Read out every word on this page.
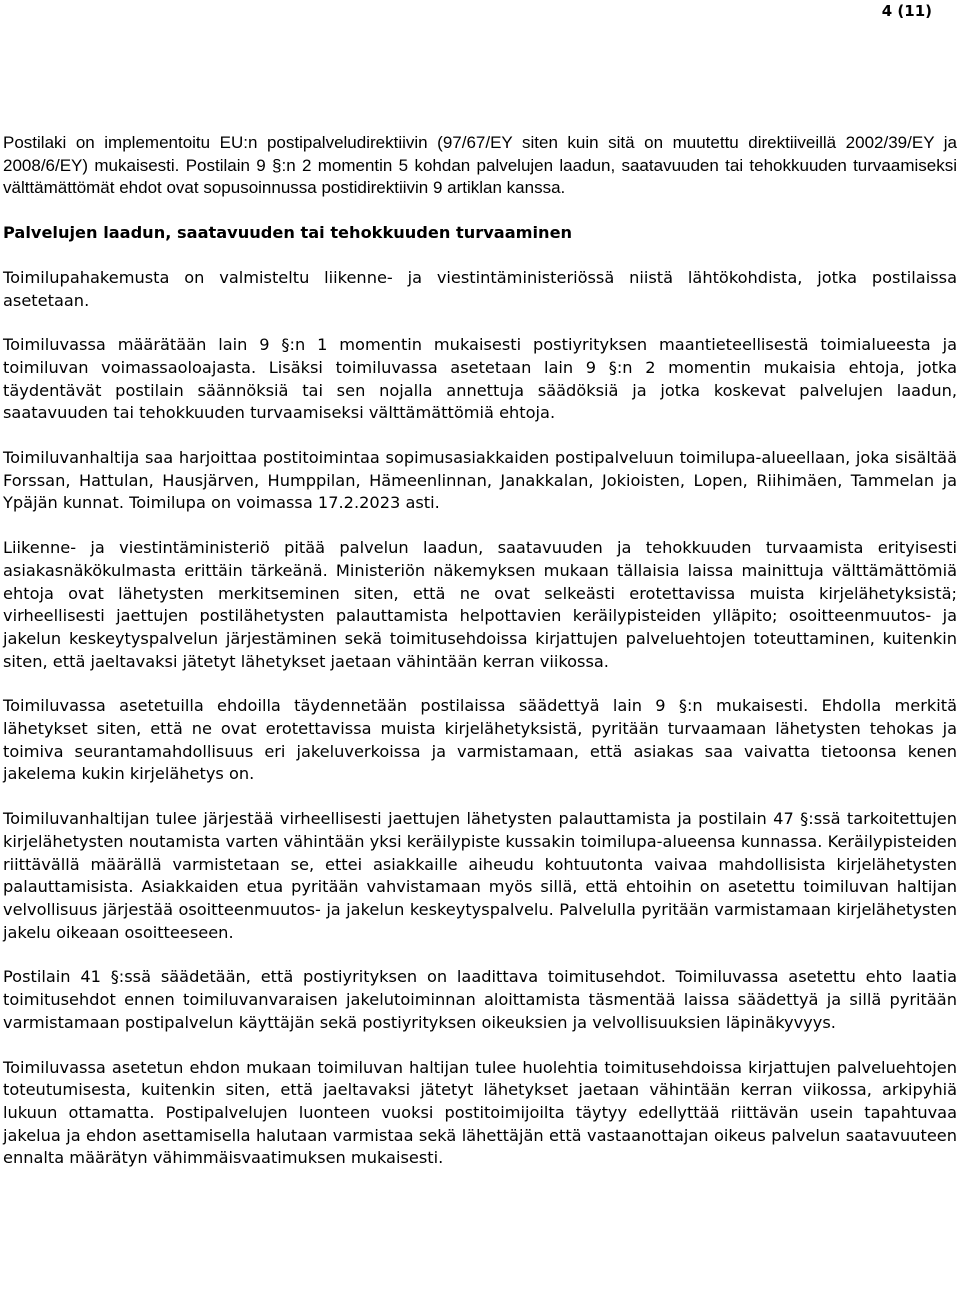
4 (11)

Postilaki on implementoitu EU:n postipalveludirektiivin (97/67/EY siten kuin sitä on muutettu direktiiveillä 2002/39/EY ja 2008/6/EY) mukaisesti. Postilain 9 §:n 2 momentin 5 kohdan palvelujen laadun, saatavuuden tai tehokkuuden turvaamiseksi välttämättömät ehdot ovat sopusoinnussa postidirektiivin 9 artiklan kanssa.

Palvelujen laadun, saatavuuden tai tehokkuuden turvaaminen

Toimilupahakemusta on valmisteltu liikenne- ja viestintäministeriössä niistä lähtökohdista, jotka postilaissa asetetaan.

Toimiluvassa määrätään lain 9 §:n 1 momentin mukaisesti postiyrityksen maantieteellisestä toimialueesta ja toimiluvan voimassaoloajasta. Lisäksi toimiluvassa asetetaan lain 9 §:n 2 momentin mukaisia ehtoja, jotka täydentävät postilain säännöksiä tai sen nojalla annettuja säädöksiä ja jotka koskevat palvelujen laadun, saatavuuden tai tehokkuuden turvaamiseksi välttämättömiä ehtoja.

Toimiluvanhaltija saa harjoittaa postitoimintaa sopimusasiakkaiden postipalveluun toimilupa-alueellaan, joka sisältää Forssan, Hattulan, Hausjärven, Humppilan, Hämeenlinnan, Janakkalan, Jokioisten, Lopen, Riihimäen, Tammelan ja Ypäjän kunnat. Toimilupa on voimassa 17.2.2023 asti.

Liikenne- ja viestintäministeriö pitää palvelun laadun, saatavuuden ja tehokkuuden turvaamista erityisesti asiakasnäkökulmasta erittäin tärkeänä. Ministeriön näkemyksen mukaan tällaisia laissa mainittuja välttämättömiä ehtoja ovat lähetysten merkitseminen siten, että ne ovat selkeästi erotettavissa muista kirjelähetyksistä; virheellisesti jaettujen postilähetysten palauttamista helpottavien keräilypisteiden ylläpito; osoitteenmuutos- ja jakelun keskeytyspalvelun järjestäminen sekä toimitusehdoissa kirjattujen palveluehtojen toteuttaminen, kuitenkin siten, että jaeltavaksi jätetyt lähetykset jaetaan vähintään kerran viikossa.

Toimiluvassa asetetuilla ehdoilla täydennetään postilaissa säädettyä lain 9 §:n mukaisesti. Ehdolla merkitä lähetykset siten, että ne ovat erotettavissa muista kirjelähetyksistä, pyritään turvaamaan lähetysten tehokas ja toimiva seurantamahdollisuus eri jakeluverkoissa ja varmistamaan, että asiakas saa vaivatta tietoonsa kenen jakelema kukin kirjelähetys on.

Toimiluvanhaltijan tulee järjestää virheellisesti jaettujen lähetysten palauttamista ja postilain 47 §:ssä tarkoitettujen kirjelähetysten noutamista varten vähintään yksi keräilypiste kussakin toimilupa-alueensa kunnassa. Keräilypisteiden riittävällä määrällä varmistetaan se, ettei asiakkaille aiheudu kohtuutonta vaivaa mahdollisista kirjelähetysten palauttamisista. Asiakkaiden etua pyritään vahvistamaan myös sillä, että ehtoihin on asetettu toimiluvan haltijan velvollisuus järjestää osoitteenmuutos- ja jakelun keskeytyspalvelu. Palvelulla pyritään varmistamaan kirjelähetysten jakelu oikeaan osoitteeseen.

Postilain 41 §:ssä säädetään, että postiyrityksen on laadittava toimitusehdot. Toimiluvassa asetettu ehto laatia toimitusehdot ennen toimiluvanvaraisen jakelutoiminnan aloittamista täsmentää laissa säädettyä ja sillä pyritään varmistamaan postipalvelun käyttäjän sekä postiyrityksen oikeuksien ja velvollisuuksien läpinäkyvyys.

Toimiluvassa asetetun ehdon mukaan toimiluvan haltijan tulee huolehtia toimitusehdoissa kirjattujen palveluehtojen toteutumisesta, kuitenkin siten, että jaeltavaksi jätetyt lähetykset jaetaan vähintään kerran viikossa, arkipyhiä lukuun ottamatta. Postipalvelujen luonteen vuoksi postitoimijoilta täytyy edellyttää riittävän usein tapahtuvaa jakelua ja ehdon asettamisella halutaan varmistaa sekä lähettäjän että vastaanottajan oikeus palvelun saatavuuteen ennalta määrätyn vähimmäisvaatimuksen mukaisesti.
